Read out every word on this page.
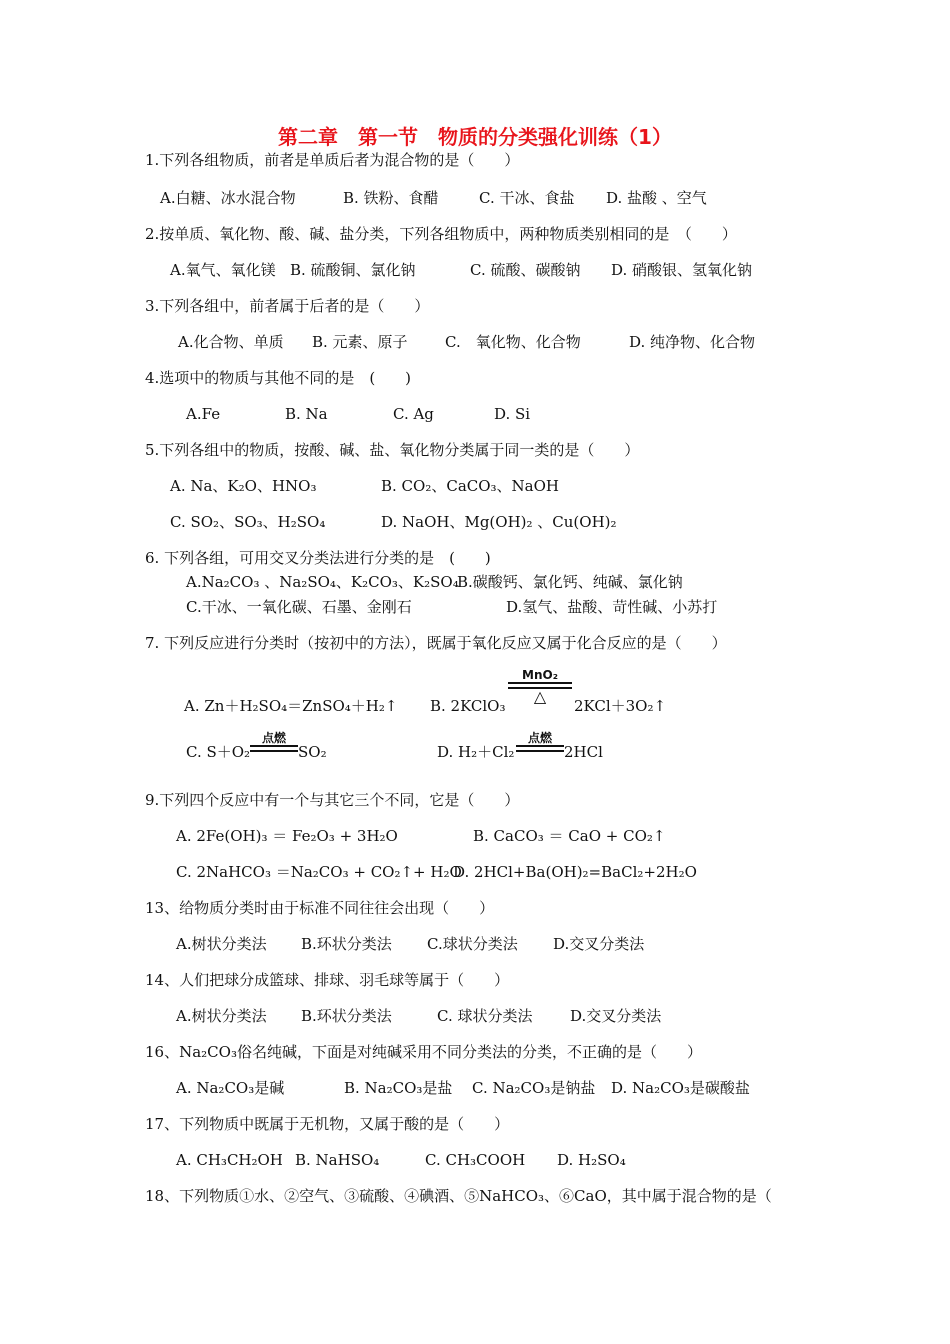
第二章　第一节　物质的分类强化训练（1）
1.下列各组物质，前者是单质后者为混合物的是（　　）
A.白糖、冰水混合物	B. 铁粉、食醋	C. 干冰、食盐 D. 盐酸 、空气
2.按单质、氧化物、酸、碱、盐分类，下列各组物质中，两种物质类别相同的是　（　　）
A.氧气、氧化镁 B. 硫酸铜、氯化钠	C. 硫酸、碳酸钠 D. 硝酸银、氢氧化钠
3.下列各组中，前者属于后者的是（　　）
A.化合物、单质 B. 元素、原子 C.　氧化物、化合物	D. 纯净物、化合物
4.选项中的物质与其他不同的是　(　　)
A.Fe	B. Na	C. Ag	D. Si
5.下列各组中的物质，按酸、碱、盐、氧化物分类属于同一类的是（　　）
A. Na、K₂O、HNO₃	B. CO₂、CaCO₃、NaOH
C. SO₂、SO₃、H₂SO₄	D. NaOH、Mg(OH)₂ 、Cu(OH)₂
6. 下列各组，可用交叉分类法进行分类的是　(　　)
A.Na₂CO₃ 、Na₂SO₄、K₂CO₃、K₂SO₄
B.碳酸钙、氯化钙、纯碱、氯化钠
C.干冰、一氧化碳、石墨、金刚石	D.氢气、盐酸、苛性碱、小苏打
7. 下列反应进行分类时（按初中的方法），既属于氧化反应又属于化合反应的是（　　）
A. Zn＋H₂SO₄＝ZnSO₄＋H₂↑ B. 2KClO₃
MnO₂
△	2KCl＋3O₂↑
C. S＋O₂
点燃
SO₂	D. H₂＋Cl₂
点燃
2HCl
9.下列四个反应中有一个与其它三个不同，它是（　　）
A. 2Fe(OH)₃ ＝ Fe₂O₃ + 3H₂O	B. CaCO₃ ＝ CaO + CO₂↑
C. 2NaHCO₃ ＝Na₂CO₃ + CO₂↑+ H₂O
D. 2HCl+Ba(OH)₂=BaCl₂+2H₂O
13、给物质分类时由于标准不同往往会出现（　　）
A.树状分类法 B.环状分类法 C.球状分类法 D.交叉分类法
14、人们把球分成篮球、排球、羽毛球等属于（　　）
A.树状分类法 B.环状分类法	C. 球状分类法	D.交叉分类法
16、Na₂CO₃俗名纯碱，下面是对纯碱采用不同分类法的分类，不正确的是（　　）
A. Na₂CO₃是碱	B. Na₂CO₃是盐 C. Na₂CO₃是钠盐 D. Na₂CO₃是碳酸盐
17、下列物质中既属于无机物，又属于酸的是（　　）
A. CH₃CH₂OH B. NaHSO₄	C. CH₃COOH D. H₂SO₄
18、下列物质①水、②空气、③硫酸、④碘酒、⑤NaHCO₃、⑥CaO，其中属于混合物的是（
